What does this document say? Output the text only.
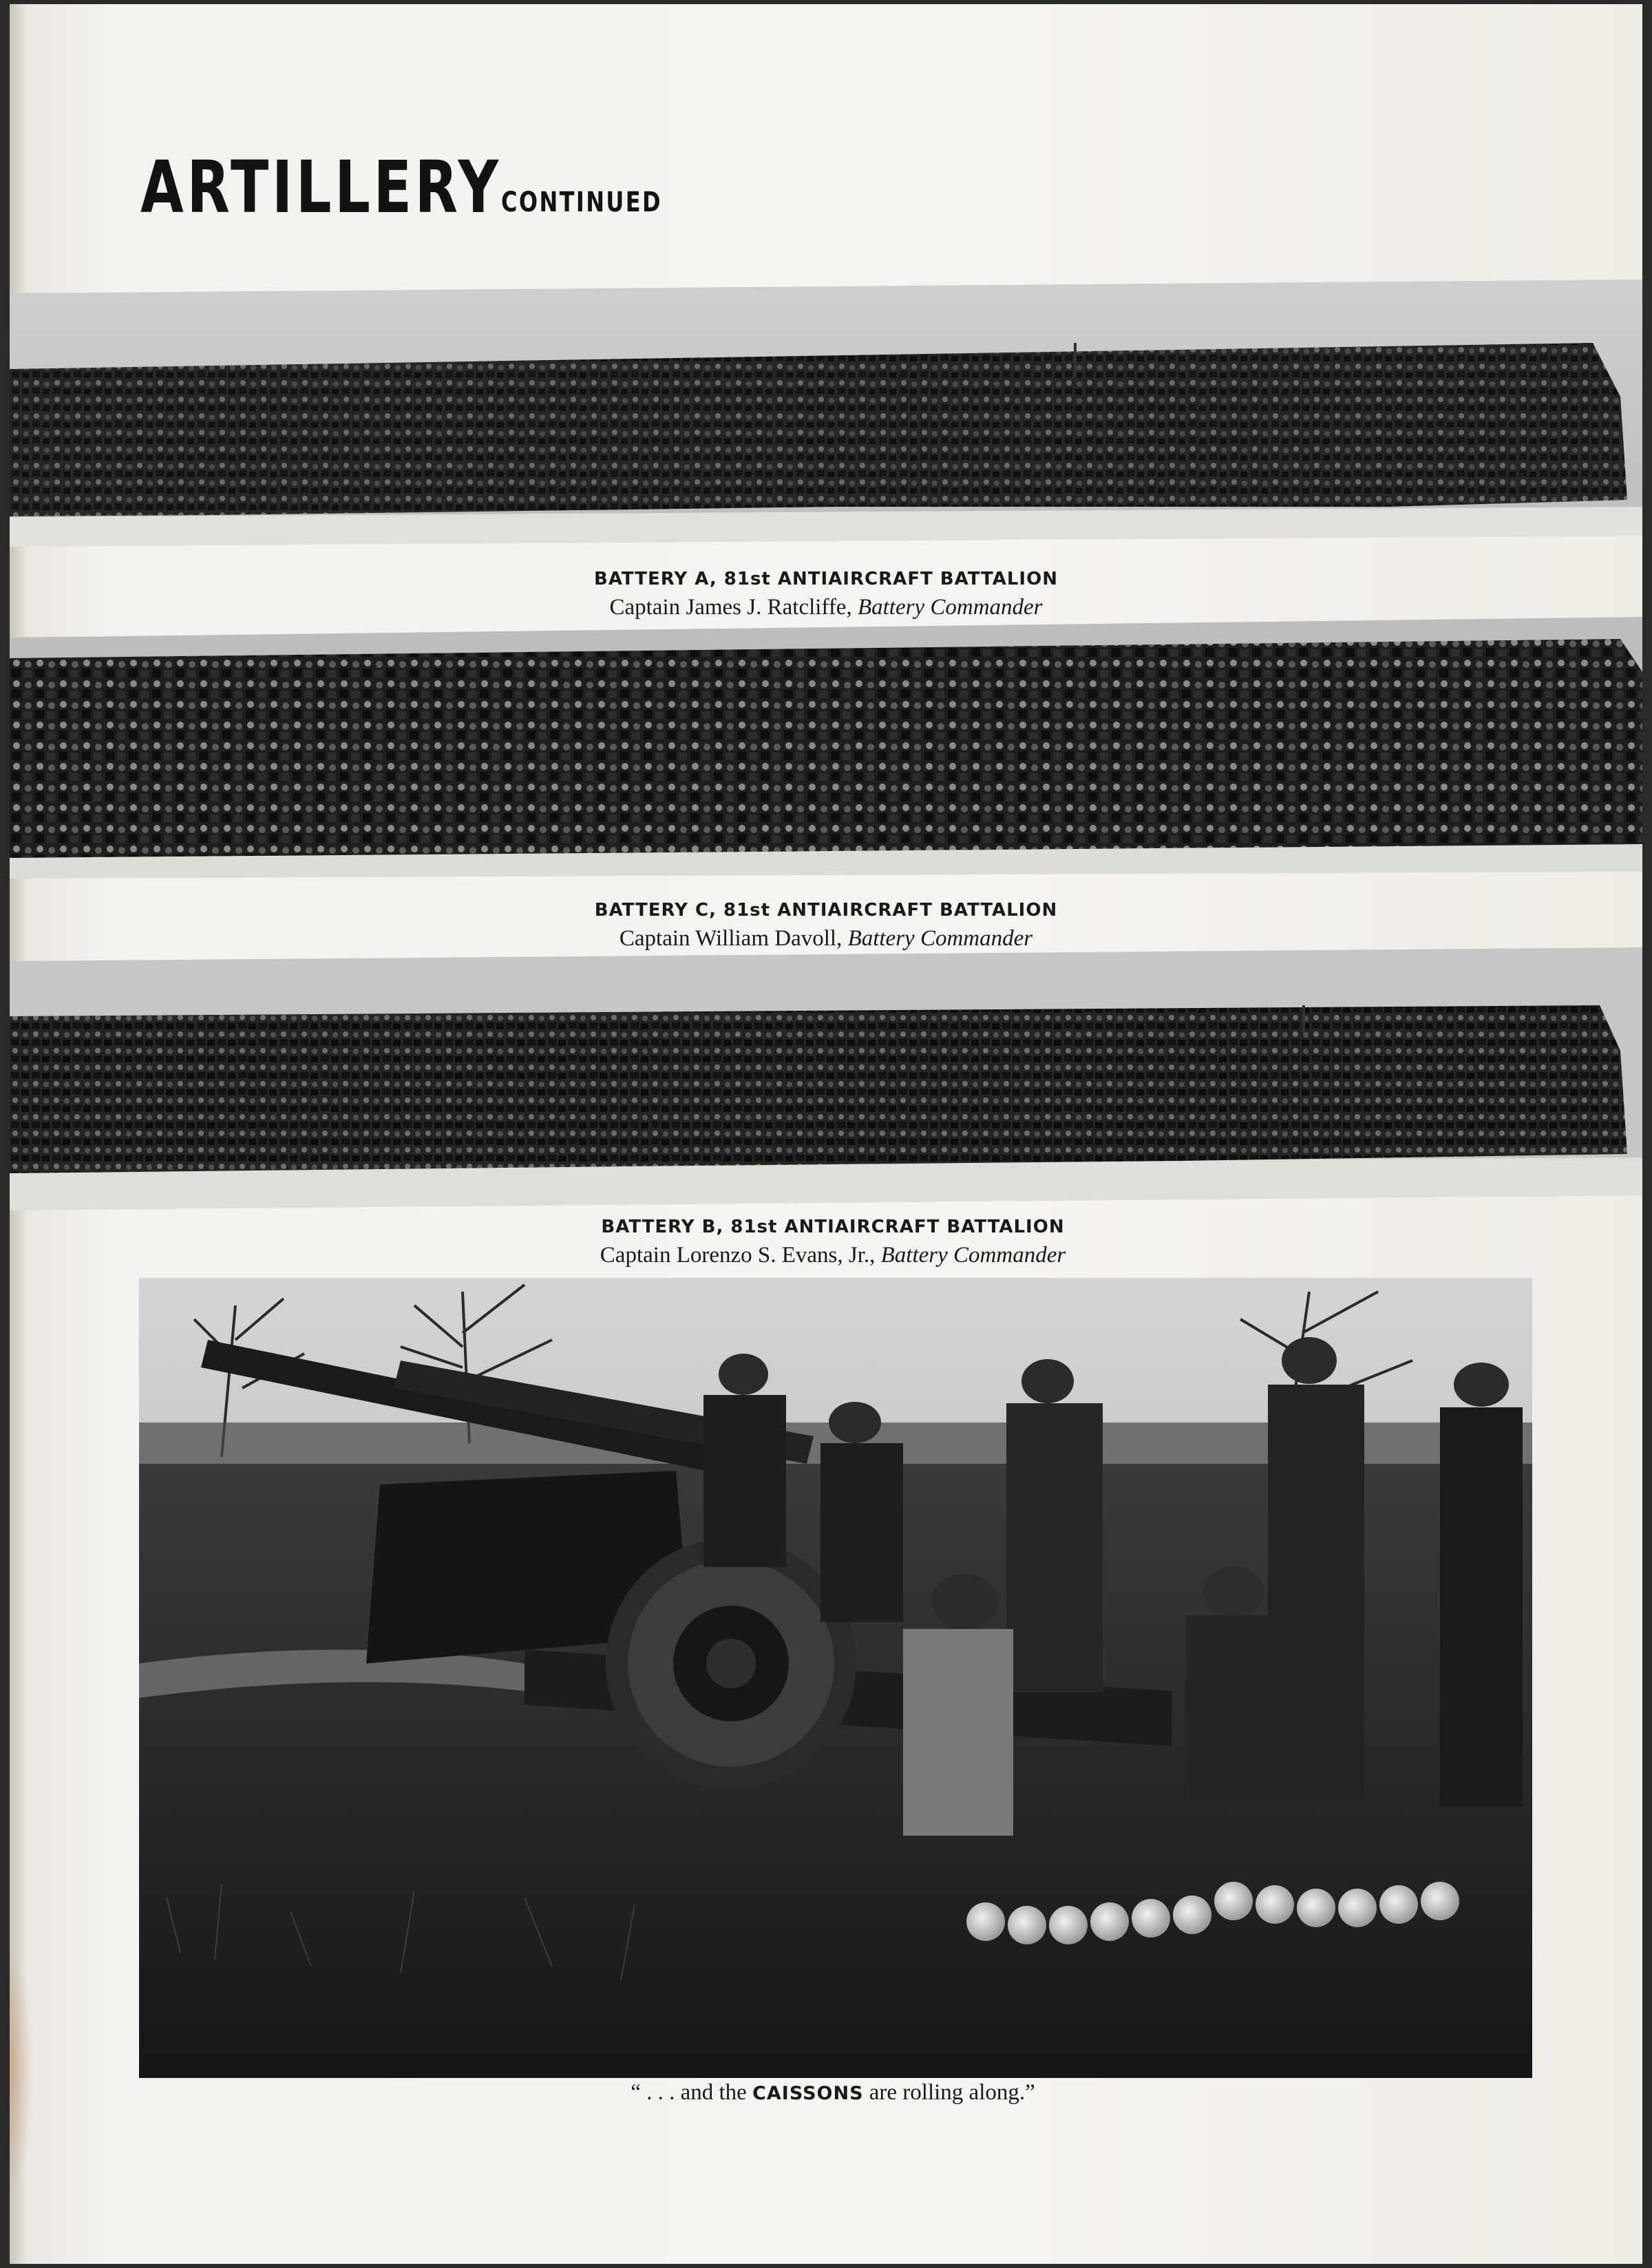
ARTILLERY CONTINUED
BATTERY A, 81st ANTIAIRCRAFT BATTALION
Captain James J. Ratcliffe, Battery Commander
BATTERY C, 81st ANTIAIRCRAFT BATTALION
Captain William Davoll, Battery Commander
BATTERY B, 81st ANTIAIRCRAFT BATTALION
Captain Lorenzo S. Evans, Jr., Battery Commander
“ . . . and the CAISSONS are rolling along.”
